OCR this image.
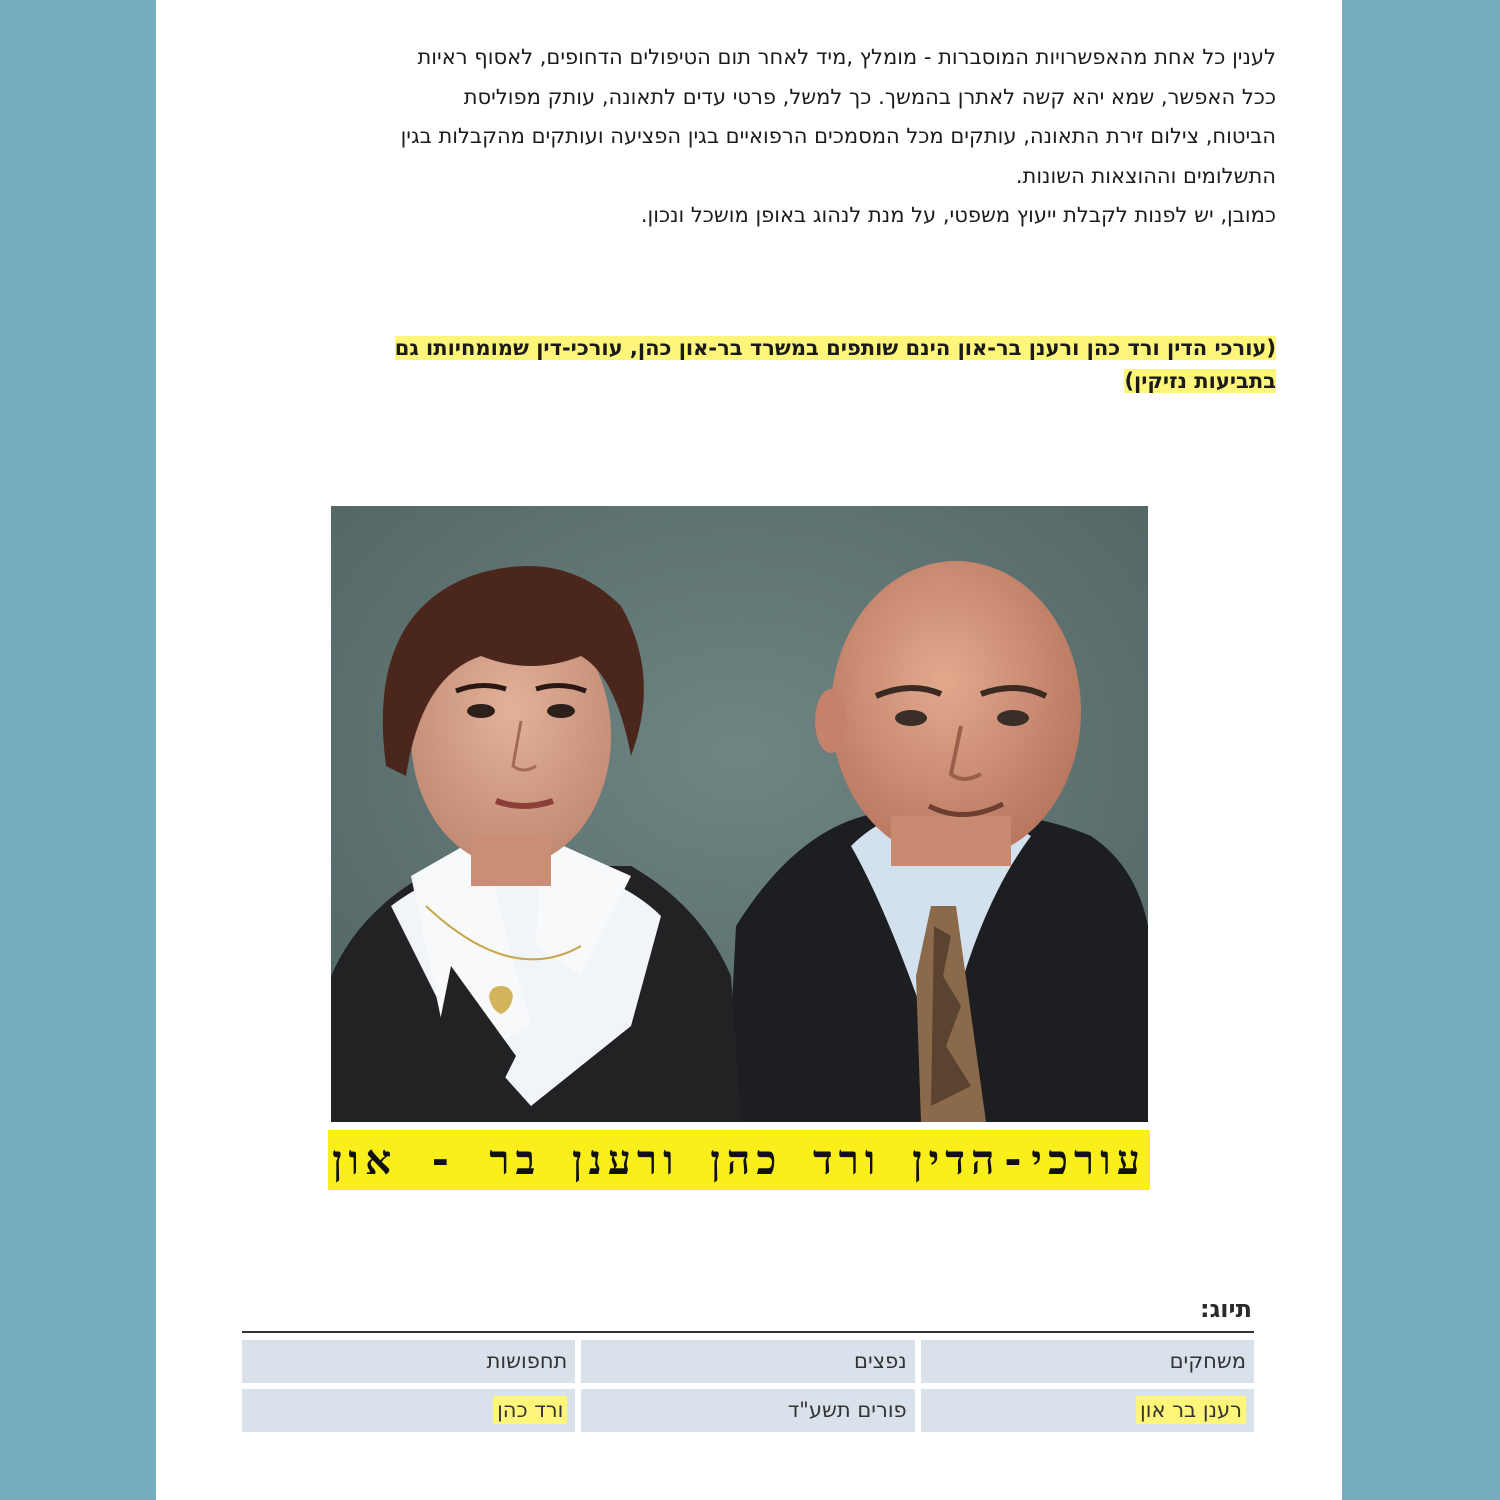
לענין כל אחת מהאפשרויות המוסברות - מומלץ ,מיד לאחר תום הטיפולים הדחופים, לאסוף ראיות

ככל האפשר, שמא יהא קשה לאתרן בהמשך. כך למשל, פרטי עדים לתאונה, עותק מפוליסת

הביטוח, צילום זירת התאונה, עותקים מכל המסמכים הרפואיים בגין הפציעה ועותקים מהקבלות בגין

התשלומים וההוצאות השונות.

כמובן, יש לפנות לקבלת ייעוץ משפטי, על מנת לנהוג באופן מושכל ונכון.

(עורכי הדין ורד כהן ורענן בר-און הינם שותפים במשרד בר-און כהן, עורכי-דין שמומחיותו גם
בתביעות נזיקין)
עורכי-הדין ורד כהן ורענן בר - און
תיוג:
משחקים
נפצים
תחפושות
רענן בר און
פורים תשע"ד
ורד כהן
